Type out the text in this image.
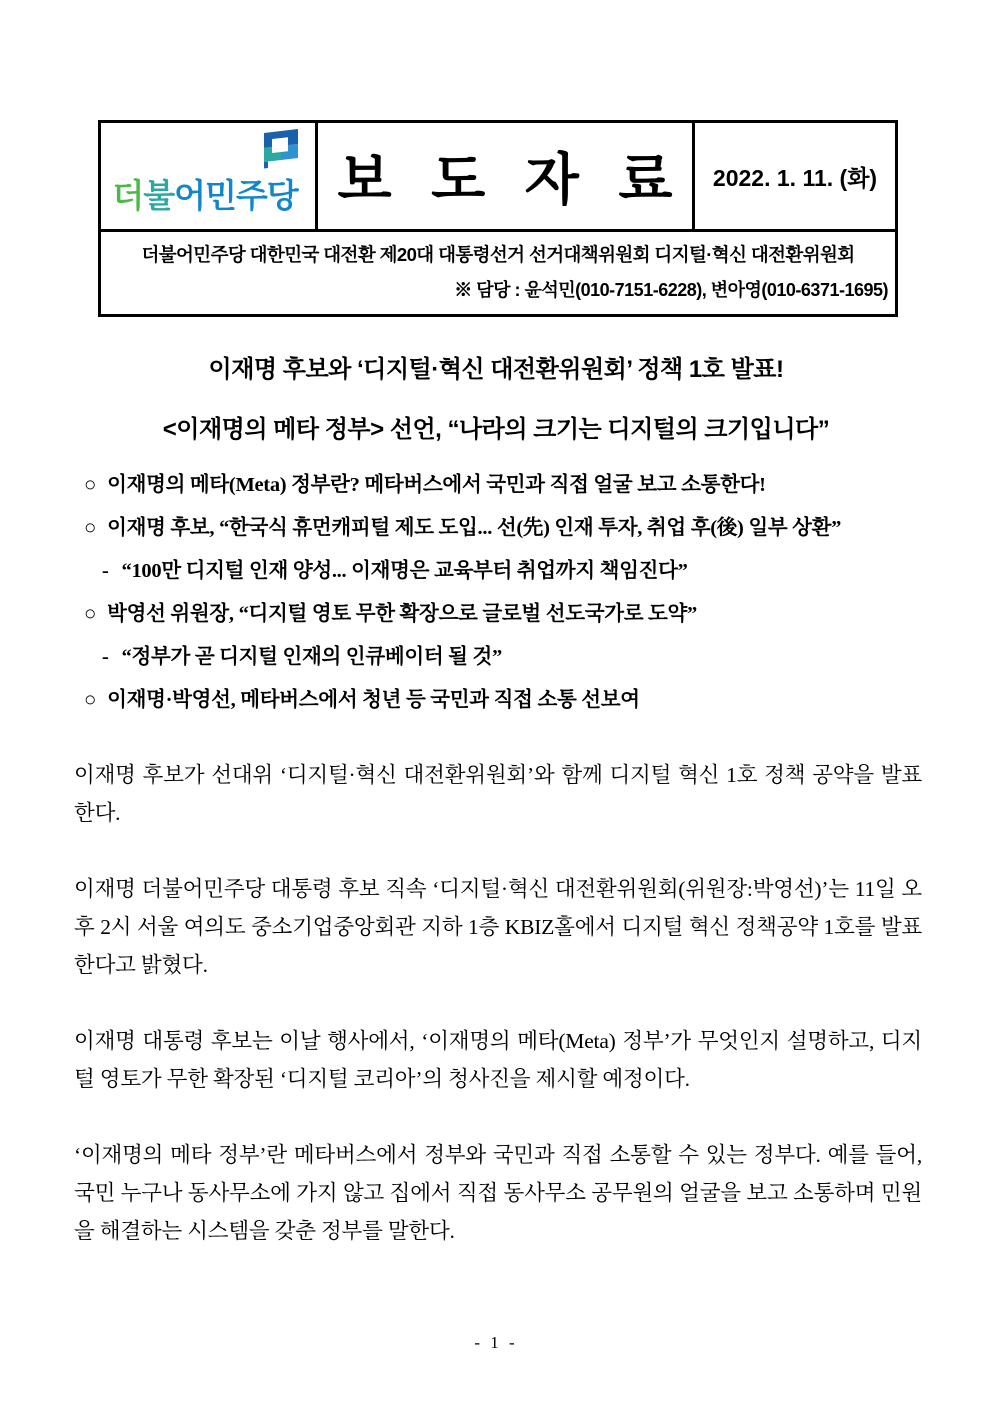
더불어민주당 보 도 자 료	2022. 1. 11. (화)
더불어민주당 대한민국 대전환 제20대 대통령선거 선거대책위원회 디지털·혁신 대전환위원회
※ 담당 : 윤석민(010-7151-6228), 변아영(010-6371-1695)
이재명 후보와 ‘디지털·혁신 대전환위원회’ 정책 1호 발표!
<이재명의 메타 정부> 선언, “나라의 크기는 디지털의 크기입니다”
○ 이재명의 메타(Meta) 정부란? 메타버스에서 국민과 직접 얼굴 보고 소통한다!
○ 이재명 후보, “한국식 휴먼캐피털 제도 도입... 선(先) 인재 투자, 취업 후(後) 일부 상환”
- “100만 디지털 인재 양성... 이재명은 교육부터 취업까지 책임진다”
○ 박영선 위원장, “디지털 영토 무한 확장으로 글로벌 선도국가로 도약”
- “정부가 곧 디지털 인재의 인큐베이터 될 것”
○ 이재명·박영선, 메타버스에서 청년 등 국민과 직접 소통 선보여

이재명 후보가 선대위 ‘디지털·혁신 대전환위원회’와 함께 디지털 혁신 1호 정책 공약을 발표한다.

이재명 더불어민주당 대통령 후보 직속 ‘디지털·혁신 대전환위원회(위원장:박영선)’는 11일 오후 2시 서울 여의도 중소기업중앙회관 지하 1층 KBIZ홀에서 디지털 혁신 정책공약 1호를 발표한다고 밝혔다.

이재명 대통령 후보는 이날 행사에서, ‘이재명의 메타(Meta) 정부’가 무엇인지 설명하고, 디지털 영토가 무한 확장된 ‘디지털 코리아’의 청사진을 제시할 예정이다.

‘이재명의 메타 정부’란 메타버스에서 정부와 국민과 직접 소통할 수 있는 정부다. 예를 들어, 국민 누구나 동사무소에 가지 않고 집에서 직접 동사무소 공무원의 얼굴을 보고 소통하며 민원을 해결하는 시스템을 갖춘 정부를 말한다.

- 1 -
